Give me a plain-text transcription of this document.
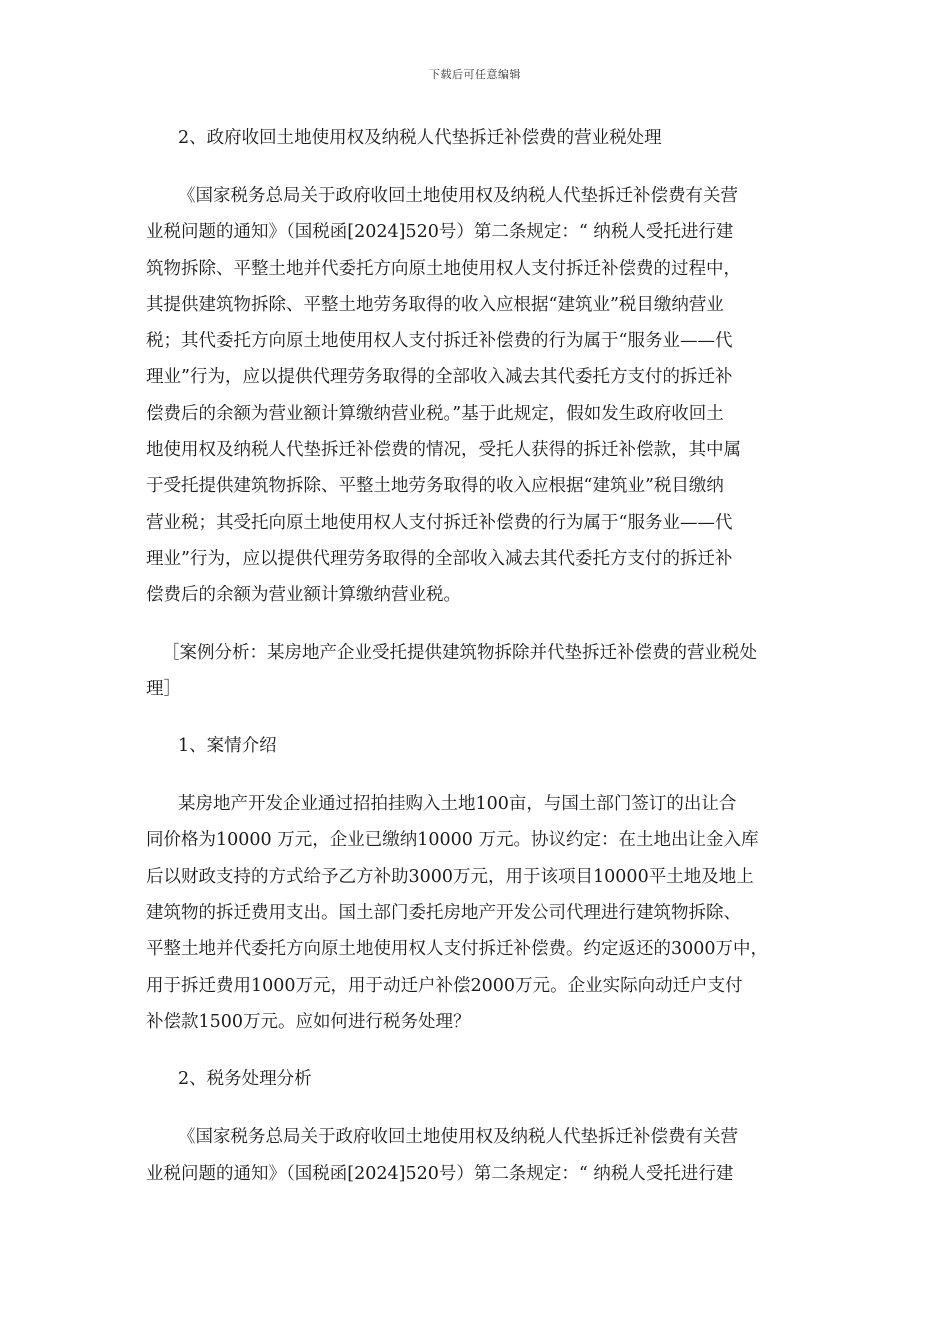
下载后可任意编辑

2、政府收回土地使用权及纳税人代垫拆迁补偿费的营业税处理

《国家税务总局关于政府收回土地使用权及纳税人代垫拆迁补偿费有关营
业税问题的通知》（国税函[2024]520号）第二条规定：“ 纳税人受托进行建
筑物拆除、平整土地并代委托方向原土地使用权人支付拆迁补偿费的过程中，
其提供建筑物拆除、平整土地劳务取得的收入应根据“建筑业”税目缴纳营业
税；其代委托方向原土地使用权人支付拆迁补偿费的行为属于“服务业——代
理业”行为，应以提供代理劳务取得的全部收入减去其代委托方支付的拆迁补
偿费后的余额为营业额计算缴纳营业税。”基于此规定，假如发生政府收回土
地使用权及纳税人代垫拆迁补偿费的情况，受托人获得的拆迁补偿款，其中属
于受托提供建筑物拆除、平整土地劳务取得的收入应根据“建筑业”税目缴纳
营业税；其受托向原土地使用权人支付拆迁补偿费的行为属于“服务业——代
理业”行为，应以提供代理劳务取得的全部收入减去其代委托方支付的拆迁补
偿费后的余额为营业额计算缴纳营业税。
［案例分析：某房地产企业受托提供建筑物拆除并代垫拆迁补偿费的营业税处
理］

1、案情介绍

某房地产开发企业通过招拍挂购入土地100亩，与国土部门签订的出让合
同价格为10000 万元，企业已缴纳10000 万元。协议约定：在土地出让金入库
后以财政支持的方式给予乙方补助3000万元，用于该项目10000平土地及地上
建筑物的拆迁费用支出。国土部门委托房地产开发公司代理进行建筑物拆除、
平整土地并代委托方向原土地使用权人支付拆迁补偿费。约定返还的3000万中，
用于拆迁费用1000万元，用于动迁户补偿2000万元。企业实际向动迁户支付
补偿款1500万元。应如何进行税务处理？

2、税务处理分析

《国家税务总局关于政府收回土地使用权及纳税人代垫拆迁补偿费有关营
业税问题的通知》（国税函[2024]520号）第二条规定：“ 纳税人受托进行建
